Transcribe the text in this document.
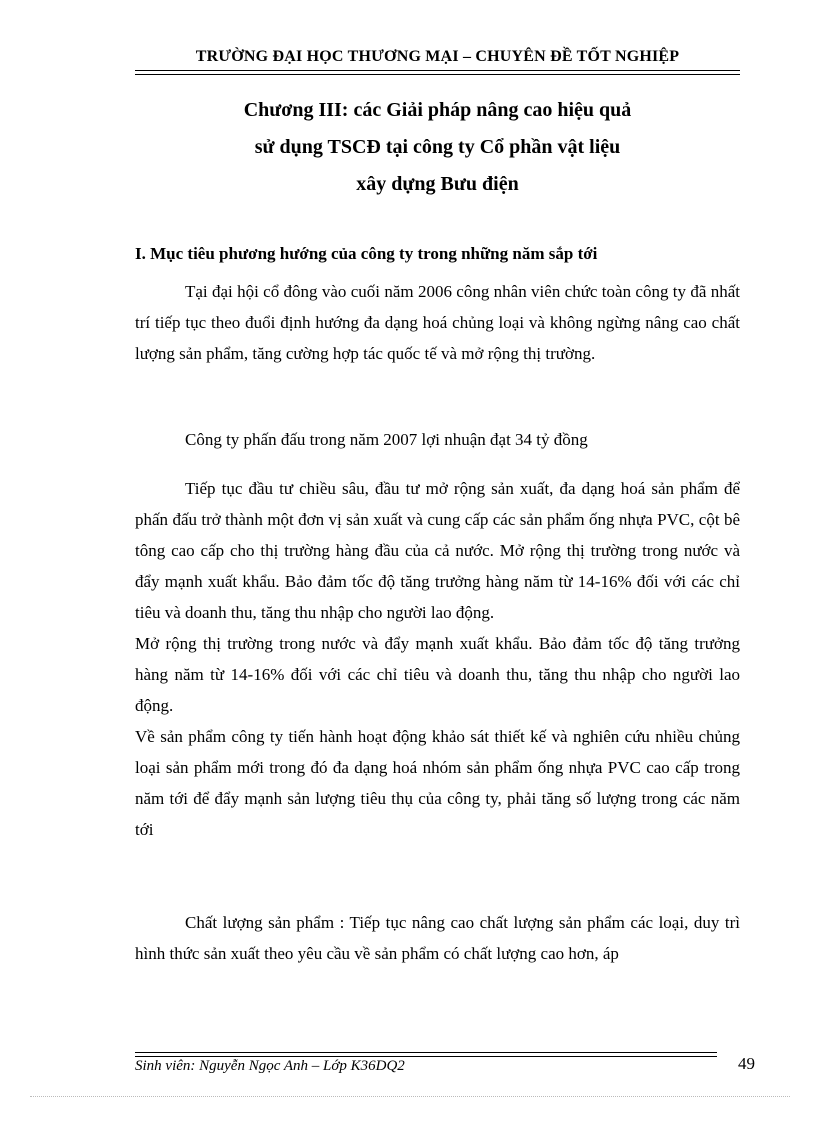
TRƯỜNG ĐẠI HỌC THƯƠNG MẠI – CHUYÊN ĐỀ TỐT NGHIỆP
Chương III: các Giải pháp nâng cao hiệu quả
sử dụng TSCĐ tại công ty Cổ phần vật liệu
xây dựng Bưu điện
I. Mục tiêu phương hướng của công ty trong những năm sắp tới

Tại đại hội cổ đông vào cuối năm 2006 công nhân viên chức toàn công ty đã nhất trí tiếp tục theo đuổi định hướng đa dạng hoá chủng loại và không ngừng nâng cao chất lượng sản phẩm, tăng cường hợp tác quốc tế và mở rộng thị trường.

Công ty phấn đấu trong năm 2007 lợi nhuận đạt 34 tỷ đồng

Tiếp tục đầu tư chiều sâu, đầu tư mở rộng sản xuất, đa dạng hoá sản phẩm để phấn đấu trở thành một đơn vị sản xuất và cung cấp các sản phẩm ống nhựa PVC, cột bê tông cao cấp cho thị trường hàng đầu của cả nước. Mở rộng thị trường trong nước và đẩy mạnh xuất khẩu. Bảo đảm tốc độ tăng trưởng hàng năm từ 14-16% đối với các chỉ tiêu và doanh thu, tăng thu nhập cho người lao động.

Mở rộng thị trường trong nước và đẩy mạnh xuất khẩu. Bảo đảm tốc độ tăng trưởng hàng năm từ 14-16% đối với các chỉ tiêu và doanh thu, tăng thu nhập cho người lao động.

Về sản phẩm công ty tiến hành hoạt động khảo sát thiết kế và nghiên cứu nhiều chủng loại sản phẩm mới trong đó đa dạng hoá nhóm sản phẩm ống nhựa PVC cao cấp trong năm tới để đẩy mạnh sản lượng tiêu thụ của công ty, phải tăng số lượng trong các năm tới

Chất lượng sản phẩm : Tiếp tục nâng cao chất lượng sản phẩm các loại, duy trì hình thức sản xuất theo yêu cầu về sản phẩm có chất lượng cao hơn, áp

Sinh viên: Nguyễn Ngọc Anh – Lớp K36DQ2	49
